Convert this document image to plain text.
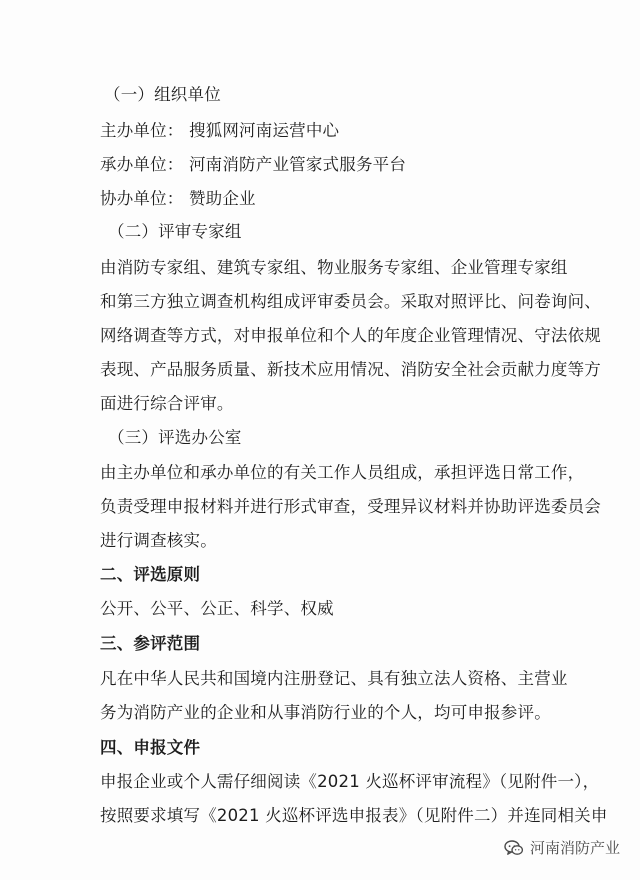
（一）组织单位
主办单位： 搜狐网河南运营中心
承办单位： 河南消防产业管家式服务平台
协办单位： 赞助企业
（二）评审专家组
由消防专家组、建筑专家组、物业服务专家组、企业管理专家组
和第三方独立调查机构组成评审委员会。采取对照评比、问卷询问、
网络调查等方式，对申报单位和个人的年度企业管理情况、守法依规
表现、产品服务质量、新技术应用情况、消防安全社会贡献力度等方
面进行综合评审。
（三）评选办公室
由主办单位和承办单位的有关工作人员组成，承担评选日常工作，
负责受理申报材料并进行形式审查，受理异议材料并协助评选委员会
进行调查核实。
二、评选原则
公开、公平、公正、科学、权威
三、参评范围
凡在中华人民共和国境内注册登记、具有独立法人资格、主营业
务为消防产业的企业和从事消防行业的个人，均可申报参评。
四、申报文件
申报企业或个人需仔细阅读《2021 火巡杯评审流程》（见附件一），
按照要求填写《2021 火巡杯评选申报表》（见附件二）并连同相关申
河南消防产业
